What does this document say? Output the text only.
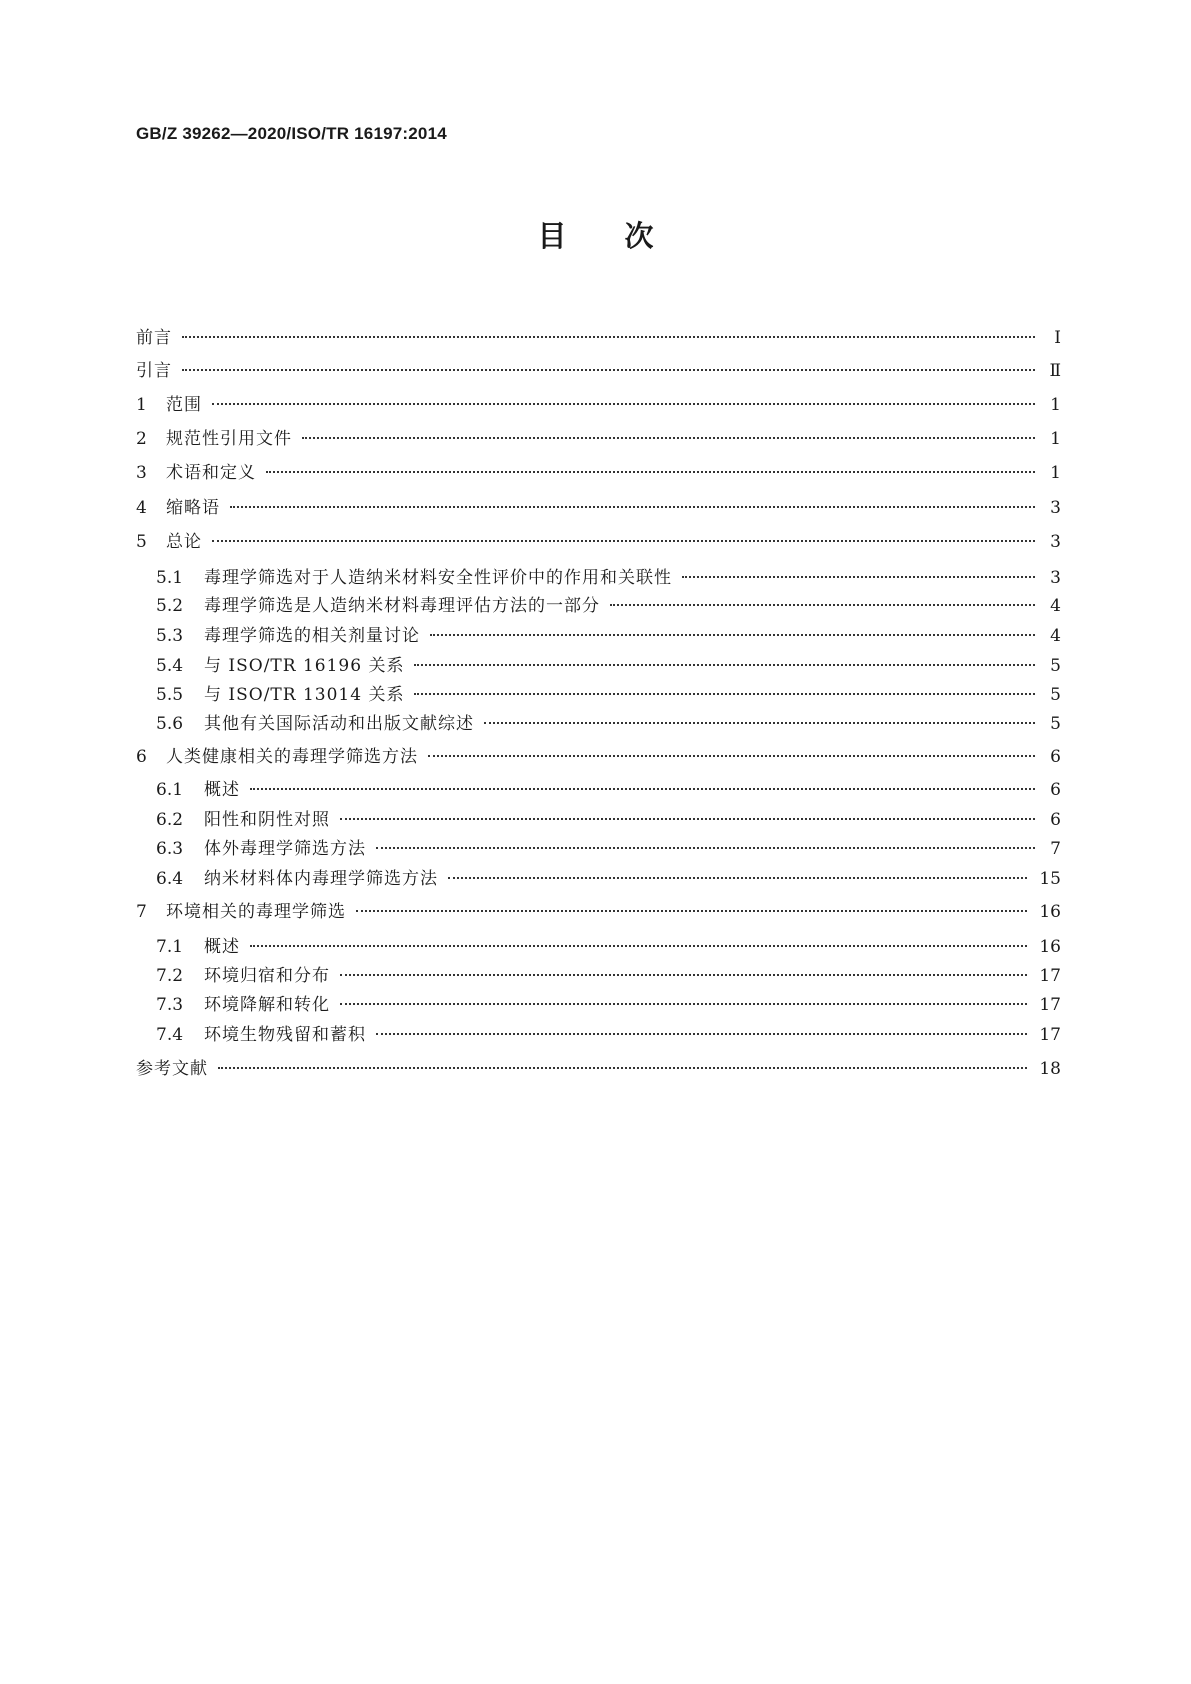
GB/Z 39262—2020/ISO/TR 16197:2014
目次
前言	Ⅰ
引言	Ⅱ
1	范围	1
2	规范性引用文件	1
3	术语和定义	1
4	缩略语	3
5	总论	3
5.1	毒理学筛选对于人造纳米材料安全性评价中的作用和关联性	3
5.2	毒理学筛选是人造纳米材料毒理评估方法的一部分	4
5.3	毒理学筛选的相关剂量讨论	4
5.4	与 ISO/TR 16196 关系	5
5.5	与 ISO/TR 13014 关系	5
5.6	其他有关国际活动和出版文献综述	5
6	人类健康相关的毒理学筛选方法	6
6.1	概述	6
6.2	阳性和阴性对照	6
6.3	体外毒理学筛选方法	7
6.4	纳米材料体内毒理学筛选方法	15
7	环境相关的毒理学筛选	16
7.1	概述	16
7.2	环境归宿和分布	17
7.3	环境降解和转化	17
7.4	环境生物残留和蓄积	17
参考文献	18
